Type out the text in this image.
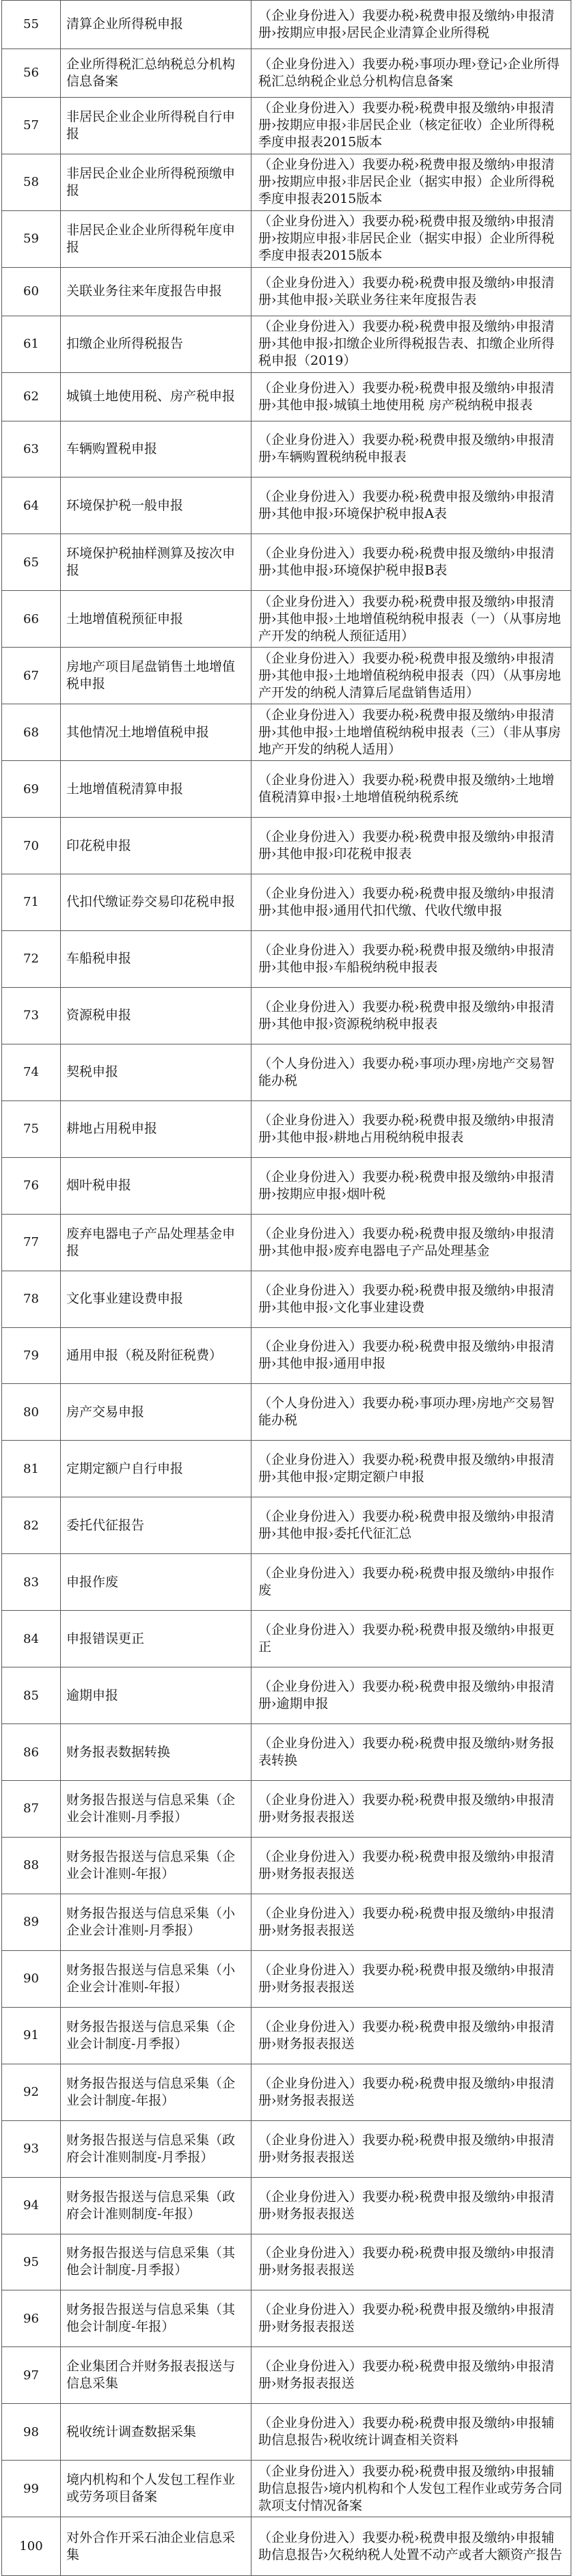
55	清算企业所得税申报	（企业身份进入）我要办税›税费申报及缴纳›申报清册›按期应申报›居民企业清算企业所得税
56	企业所得税汇总纳税总分机构信息备案	（企业身份进入）我要办税›事项办理›登记›企业所得税汇总纳税企业总分机构信息备案
57	非居民企业企业所得税自行申报	（企业身份进入）我要办税›税费申报及缴纳›申报清册›按期应申报›非居民企业（核定征收）企业所得税季度申报表2015版本
58	非居民企业企业所得税预缴申报	（企业身份进入）我要办税›税费申报及缴纳›申报清册›按期应申报›非居民企业（据实申报）企业所得税季度申报表2015版本
59	非居民企业企业所得税年度申报	（企业身份进入）我要办税›税费申报及缴纳›申报清册›按期应申报›非居民企业（据实申报）企业所得税季度申报表2015版本
60	关联业务往来年度报告申报	（企业身份进入）我要办税›税费申报及缴纳›申报清册›其他申报›关联业务往来年度报告表
61	扣缴企业所得税报告	（企业身份进入）我要办税›税费申报及缴纳›申报清册›其他申报›扣缴企业所得税报告表、扣缴企业所得税申报（2019）
62	城镇土地使用税、房产税申报	（企业身份进入）我要办税›税费申报及缴纳›申报清册›其他申报›城镇土地使用税 房产税纳税申报表
63	车辆购置税申报	（企业身份进入）我要办税›税费申报及缴纳›申报清册›车辆购置税纳税申报表
64	环境保护税一般申报	（企业身份进入）我要办税›税费申报及缴纳›申报清册›其他申报›环境保护税申报A表
65	环境保护税抽样测算及按次申报	（企业身份进入）我要办税›税费申报及缴纳›申报清册›其他申报›环境保护税申报B表
66	土地增值税预征申报	（企业身份进入）我要办税›税费申报及缴纳›申报清册›其他申报›土地增值税纳税申报表（一）（从事房地产开发的纳税人预征适用）
67	房地产项目尾盘销售土地增值税申报	（企业身份进入）我要办税›税费申报及缴纳›申报清册›其他申报›土地增值税纳税申报表（四）（从事房地产开发的纳税人清算后尾盘销售适用）
68	其他情况土地增值税申报	（企业身份进入）我要办税›税费申报及缴纳›申报清册›其他申报›土地增值税纳税申报表（三）（非从事房地产开发的纳税人适用）
69	土地增值税清算申报	（企业身份进入）我要办税›税费申报及缴纳›土地增值税清算申报›土地增值税纳税系统
70	印花税申报	（企业身份进入）我要办税›税费申报及缴纳›申报清册›其他申报›印花税申报表
71	代扣代缴证券交易印花税申报	（企业身份进入）我要办税›税费申报及缴纳›申报清册›其他申报›通用代扣代缴、代收代缴申报
72	车船税申报	（企业身份进入）我要办税›税费申报及缴纳›申报清册›其他申报›车船税纳税申报表
73	资源税申报	（企业身份进入）我要办税›税费申报及缴纳›申报清册›其他申报›资源税纳税申报表
74	契税申报	（个人身份进入）我要办税›事项办理›房地产交易智能办税
75	耕地占用税申报	（企业身份进入）我要办税›税费申报及缴纳›申报清册›其他申报›耕地占用税纳税申报表
76	烟叶税申报	（企业身份进入）我要办税›税费申报及缴纳›申报清册›按期应申报›烟叶税
77	废弃电器电子产品处理基金申报	（企业身份进入）我要办税›税费申报及缴纳›申报清册›其他申报›废弃电器电子产品处理基金
78	文化事业建设费申报	（企业身份进入）我要办税›税费申报及缴纳›申报清册›其他申报›文化事业建设费
79	通用申报（税及附征税费）	（企业身份进入）我要办税›税费申报及缴纳›申报清册›其他申报›通用申报
80	房产交易申报	（个人身份进入）我要办税›事项办理›房地产交易智能办税
81	定期定额户自行申报	（企业身份进入）我要办税›税费申报及缴纳›申报清册›其他申报›定期定额户申报
82	委托代征报告	（企业身份进入）我要办税›税费申报及缴纳›申报清册›其他申报›委托代征汇总
83	申报作废	（企业身份进入）我要办税›税费申报及缴纳›申报作废
84	申报错误更正	（企业身份进入）我要办税›税费申报及缴纳›申报更正
85	逾期申报	（企业身份进入）我要办税›税费申报及缴纳›申报清册›逾期申报
86	财务报表数据转换	（企业身份进入）我要办税›税费申报及缴纳›财务报表转换
87	财务报告报送与信息采集（企业会计准则-月季报）	（企业身份进入）我要办税›税费申报及缴纳›申报清册›财务报表报送
88	财务报告报送与信息采集（企业会计准则-年报）	（企业身份进入）我要办税›税费申报及缴纳›申报清册›财务报表报送
89	财务报告报送与信息采集（小企业会计准则-月季报）	（企业身份进入）我要办税›税费申报及缴纳›申报清册›财务报表报送
90	财务报告报送与信息采集（小企业会计准则-年报）	（企业身份进入）我要办税›税费申报及缴纳›申报清册›财务报表报送
91	财务报告报送与信息采集（企业会计制度-月季报）	（企业身份进入）我要办税›税费申报及缴纳›申报清册›财务报表报送
92	财务报告报送与信息采集（企业会计制度-年报）	（企业身份进入）我要办税›税费申报及缴纳›申报清册›财务报表报送
93	财务报告报送与信息采集（政府会计准则制度-月季报）	（企业身份进入）我要办税›税费申报及缴纳›申报清册›财务报表报送
94	财务报告报送与信息采集（政府会计准则制度-年报）	（企业身份进入）我要办税›税费申报及缴纳›申报清册›财务报表报送
95	财务报告报送与信息采集（其他会计制度-月季报）	（企业身份进入）我要办税›税费申报及缴纳›申报清册›财务报表报送
96	财务报告报送与信息采集（其他会计制度-年报）	（企业身份进入）我要办税›税费申报及缴纳›申报清册›财务报表报送
97	企业集团合并财务报表报送与信息采集	（企业身份进入）我要办税›税费申报及缴纳›申报清册›财务报表报送
98	税收统计调查数据采集	（企业身份进入）我要办税›税费申报及缴纳›申报辅助信息报告›税收统计调查相关资料
99	境内机构和个人发包工程作业或劳务项目备案	（企业身份进入）我要办税›税费申报及缴纳›申报辅助信息报告›境内机构和个人发包工程作业或劳务合同款项支付情况备案
100	对外合作开采石油企业信息采集	（企业身份进入）我要办税›税费申报及缴纳›申报辅助信息报告›欠税纳税人处置不动产或者大额资产报告
